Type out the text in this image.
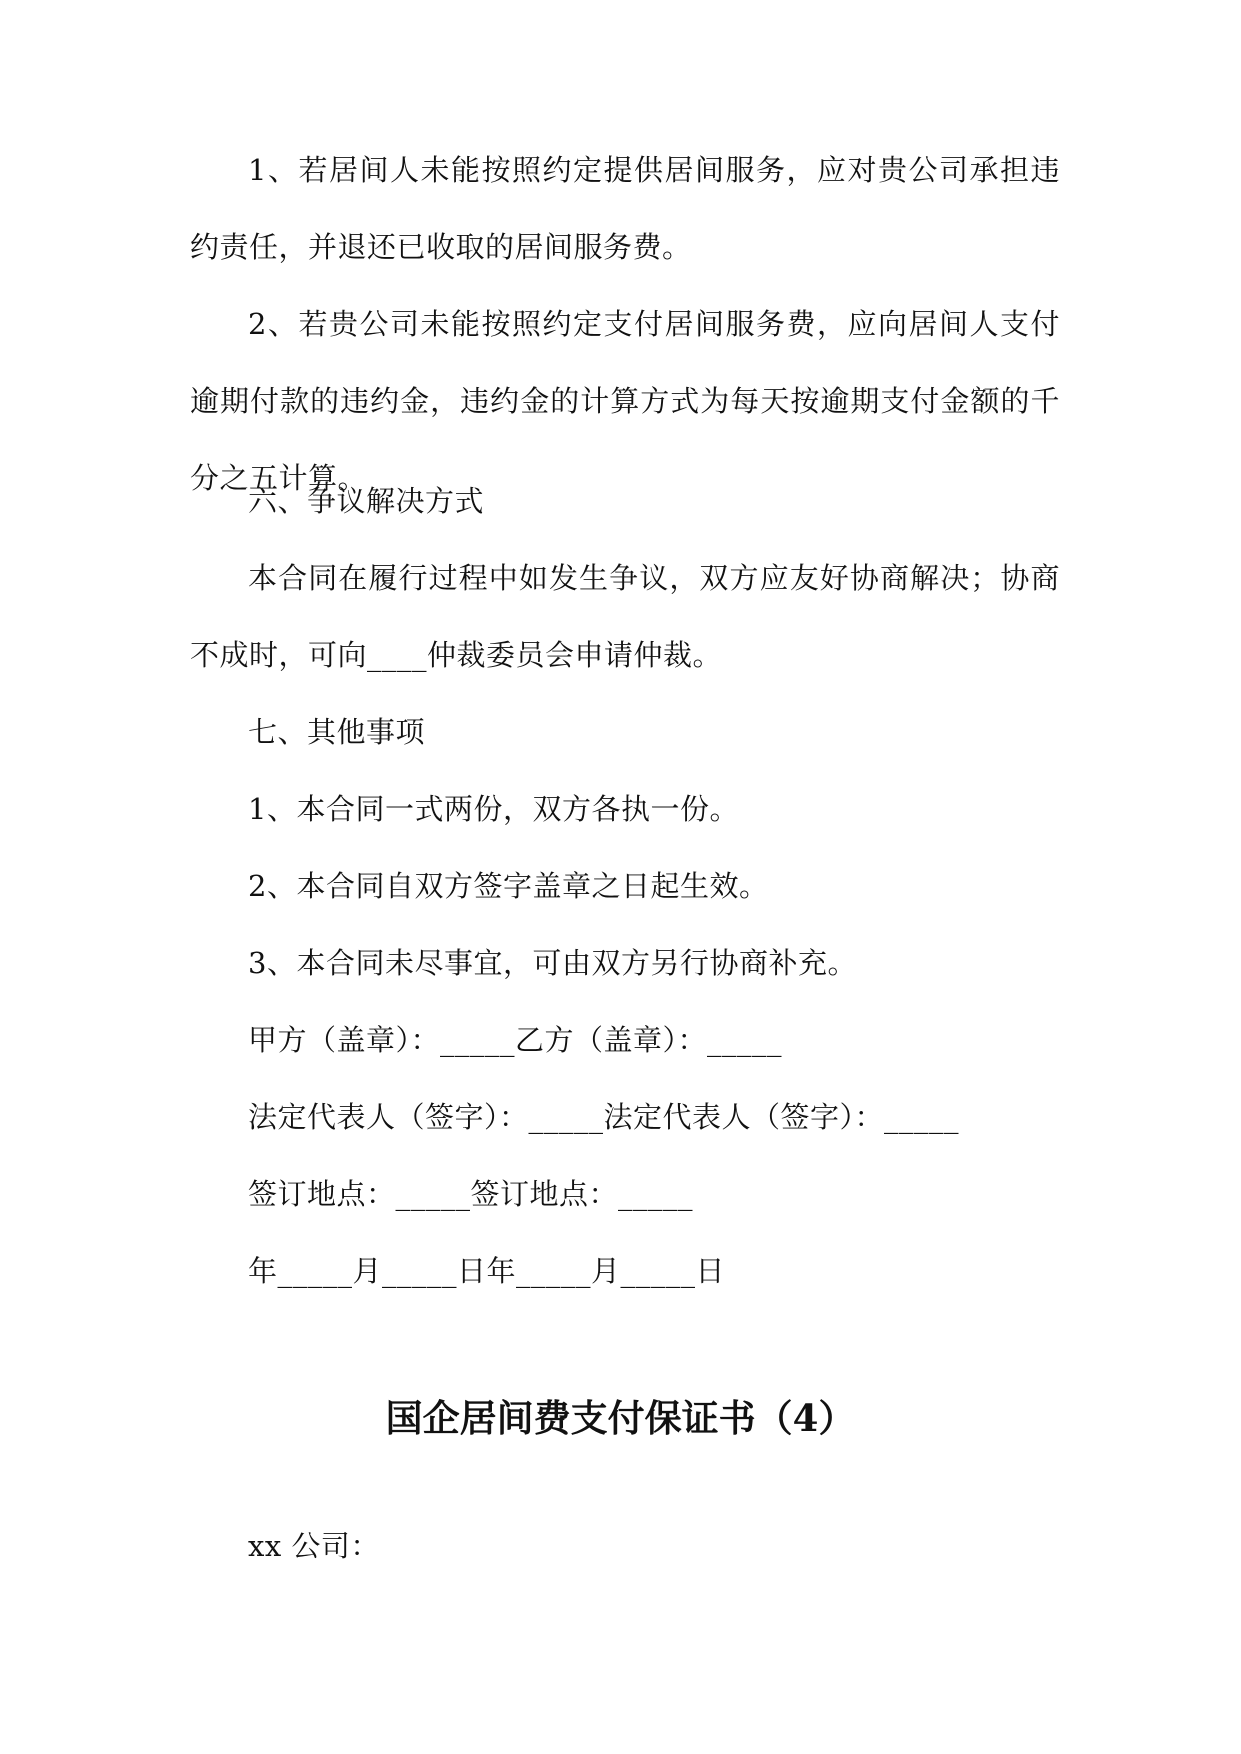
1、若居间人未能按照约定提供居间服务，应对贵公司承担违约责任，并退还已收取的居间服务费。

2、若贵公司未能按照约定支付居间服务费，应向居间人支付逾期付款的违约金，违约金的计算方式为每天按逾期支付金额的千分之五计算。

六、争议解决方式

本合同在履行过程中如发生争议，双方应友好协商解决；协商不成时，可向____仲裁委员会申请仲裁。

七、其他事项

1、本合同一式两份，双方各执一份。

2、本合同自双方签字盖章之日起生效。

3、本合同未尽事宜，可由双方另行协商补充。

甲方（盖章）：_____乙方（盖章）：_____

法定代表人（签字）：_____法定代表人（签字）：_____

签订地点：_____签订地点：_____

年_____月_____日年_____月_____日

国企居间费支付保证书（4）

xx 公司：
